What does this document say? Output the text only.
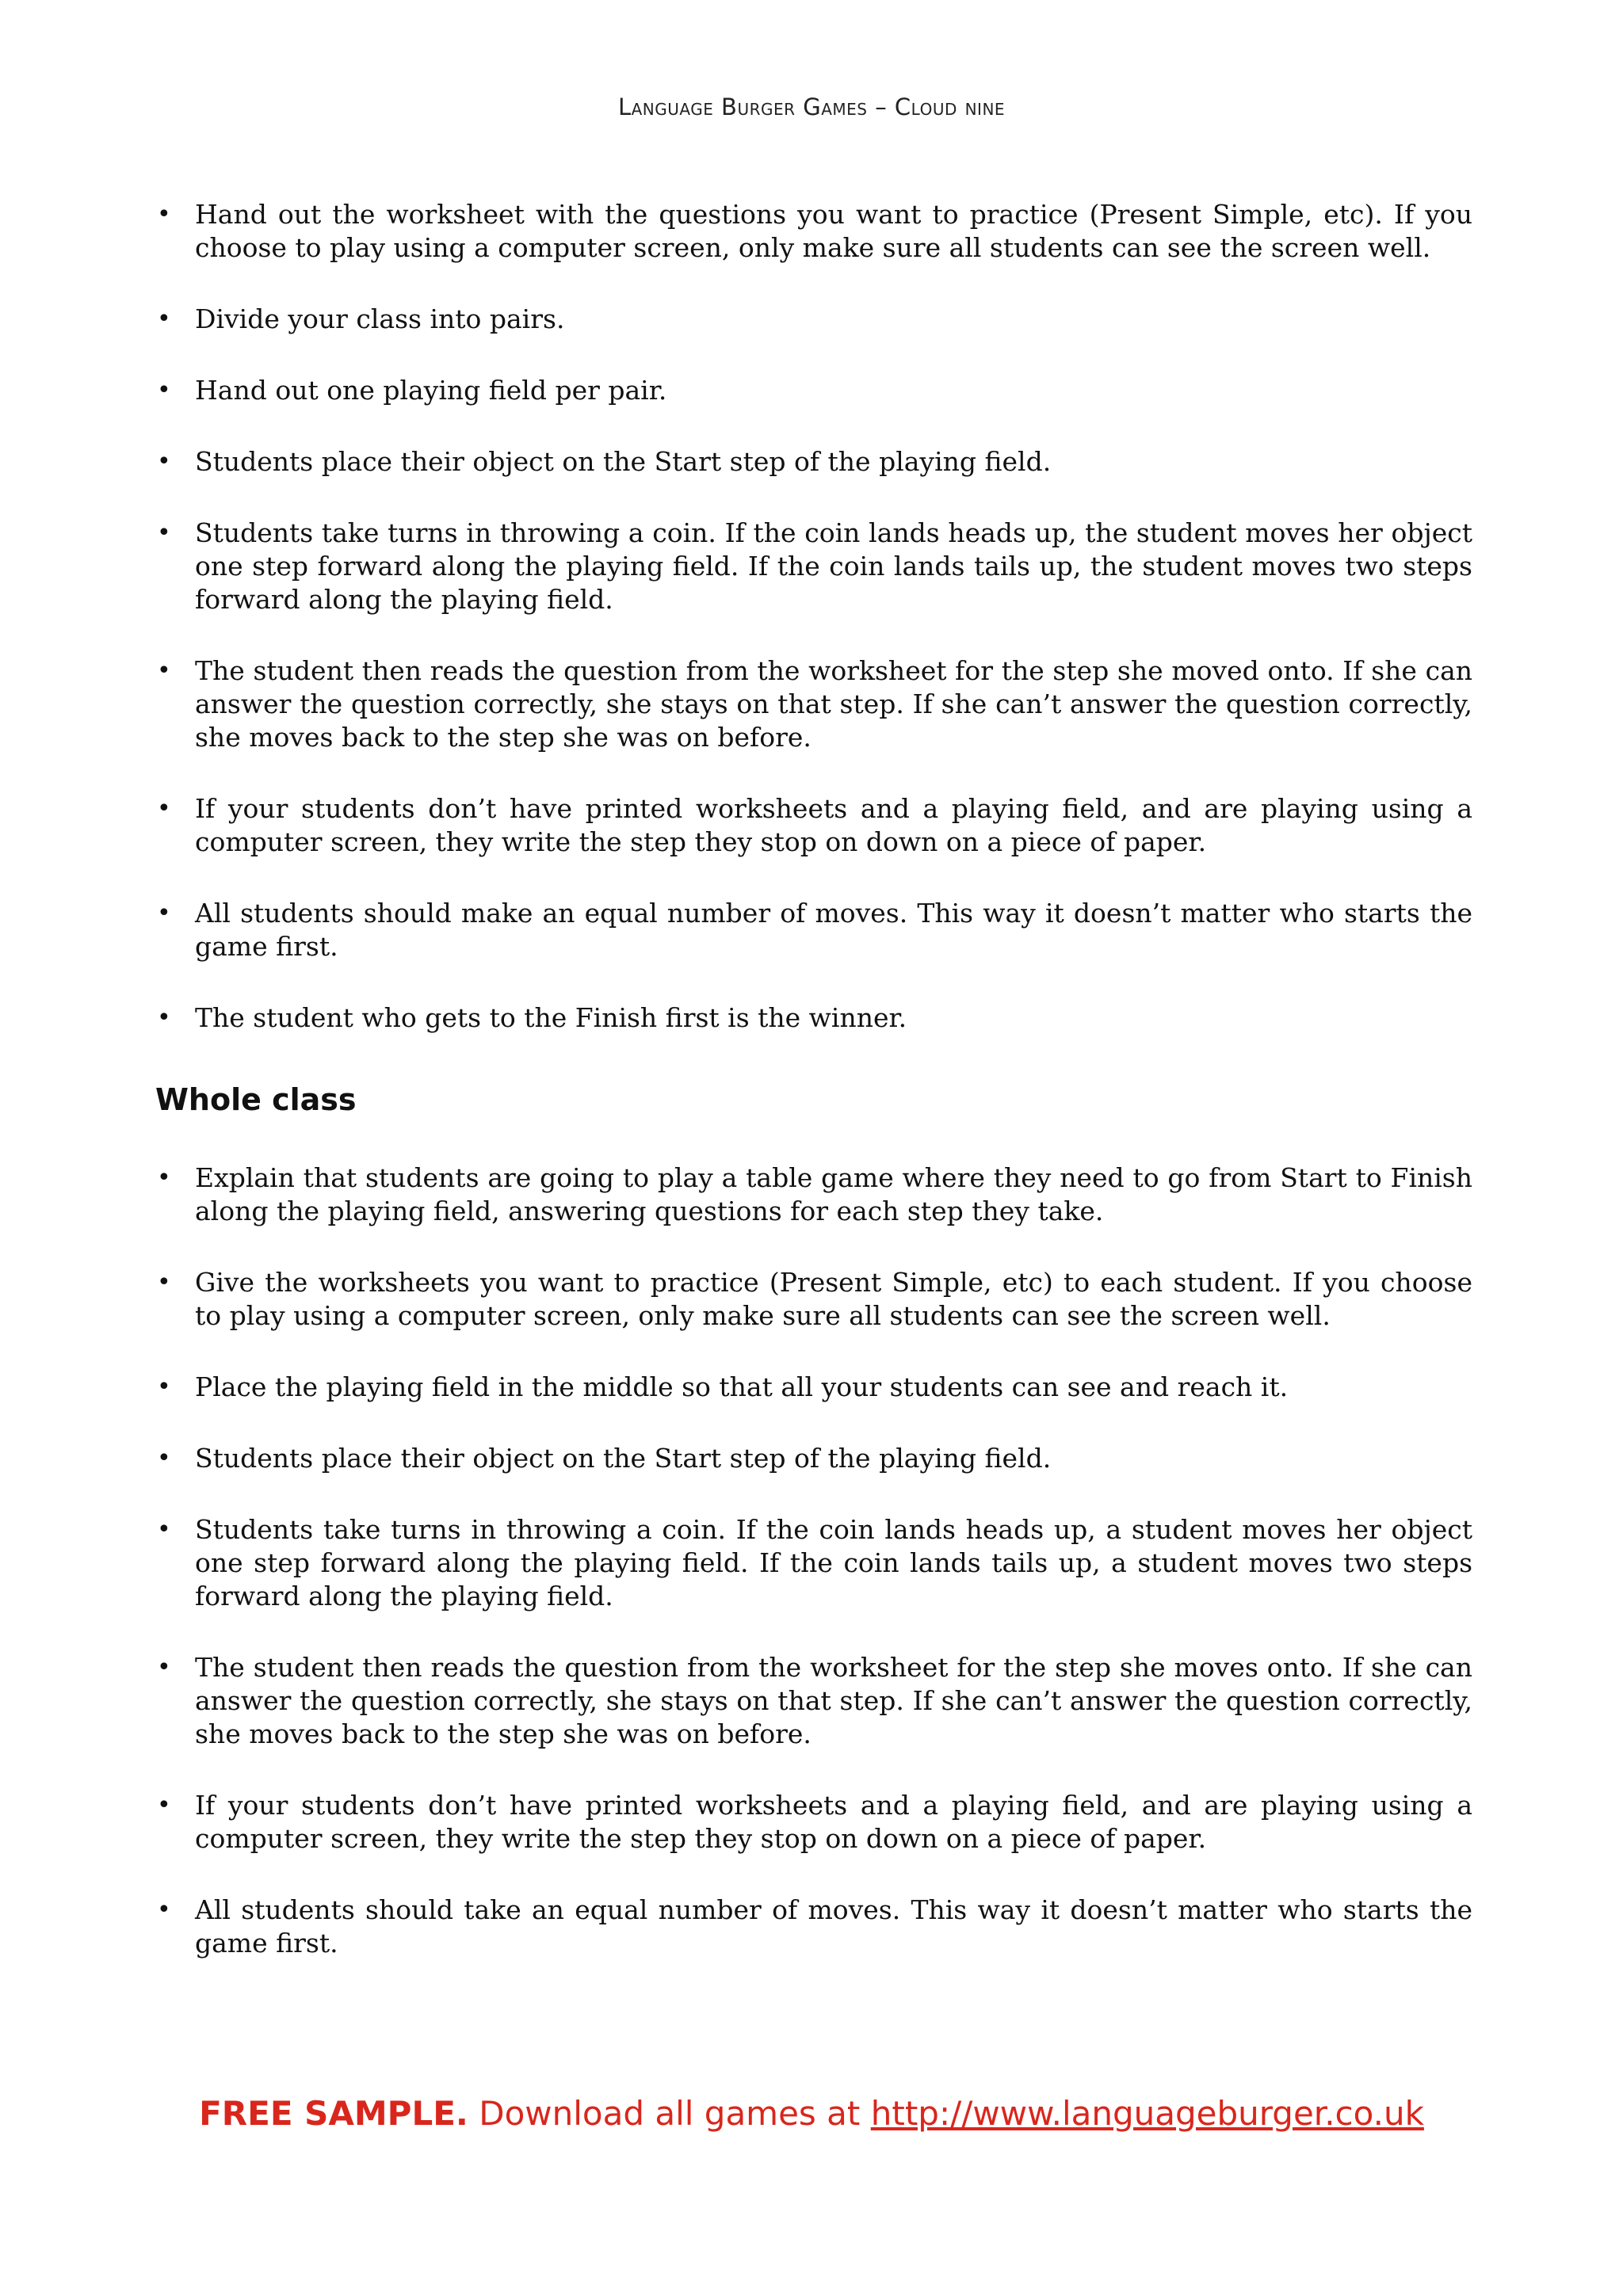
Language Burger Games – Cloud nine
• Hand out the worksheet with the questions you want to practice (Present Simple, etc). If you choose to play using a computer screen, only make sure all students can see the screen well.
• Divide your class into pairs.
• Hand out one playing field per pair.
• Students place their object on the Start step of the playing field.
• Students take turns in throwing a coin. If the coin lands heads up, the student moves her object one step forward along the playing field. If the coin lands tails up, the student moves two steps forward along the playing field.
• The student then reads the question from the worksheet for the step she moved onto. If she can answer the question correctly, she stays on that step. If she can’t answer the question correctly, she moves back to the step she was on before.
• If your students don’t have printed worksheets and a playing field, and are playing using a computer screen, they write the step they stop on down on a piece of paper.
• All students should make an equal number of moves. This way it doesn’t matter who starts the game first.
• The student who gets to the Finish first is the winner.
Whole class
• Explain that students are going to play a table game where they need to go from Start to Finish along the playing field, answering questions for each step they take.
• Give the worksheets you want to practice (Present Simple, etc) to each student. If you choose to play using a computer screen, only make sure all students can see the screen well.
• Place the playing field in the middle so that all your students can see and reach it.
• Students place their object on the Start step of the playing field.
• Students take turns in throwing a coin. If the coin lands heads up, a student moves her object one step forward along the playing field. If the coin lands tails up, a student moves two steps forward along the playing field.
• The student then reads the question from the worksheet for the step she moves onto. If she can answer the question correctly, she stays on that step. If she can’t answer the question correctly, she moves back to the step she was on before.
• If your students don’t have printed worksheets and a playing field, and are playing using a computer screen, they write the step they stop on down on a piece of paper.
• All students should take an equal number of moves. This way it doesn’t matter who starts the game first.
FREE SAMPLE. Download all games at http://www.languageburger.co.uk
